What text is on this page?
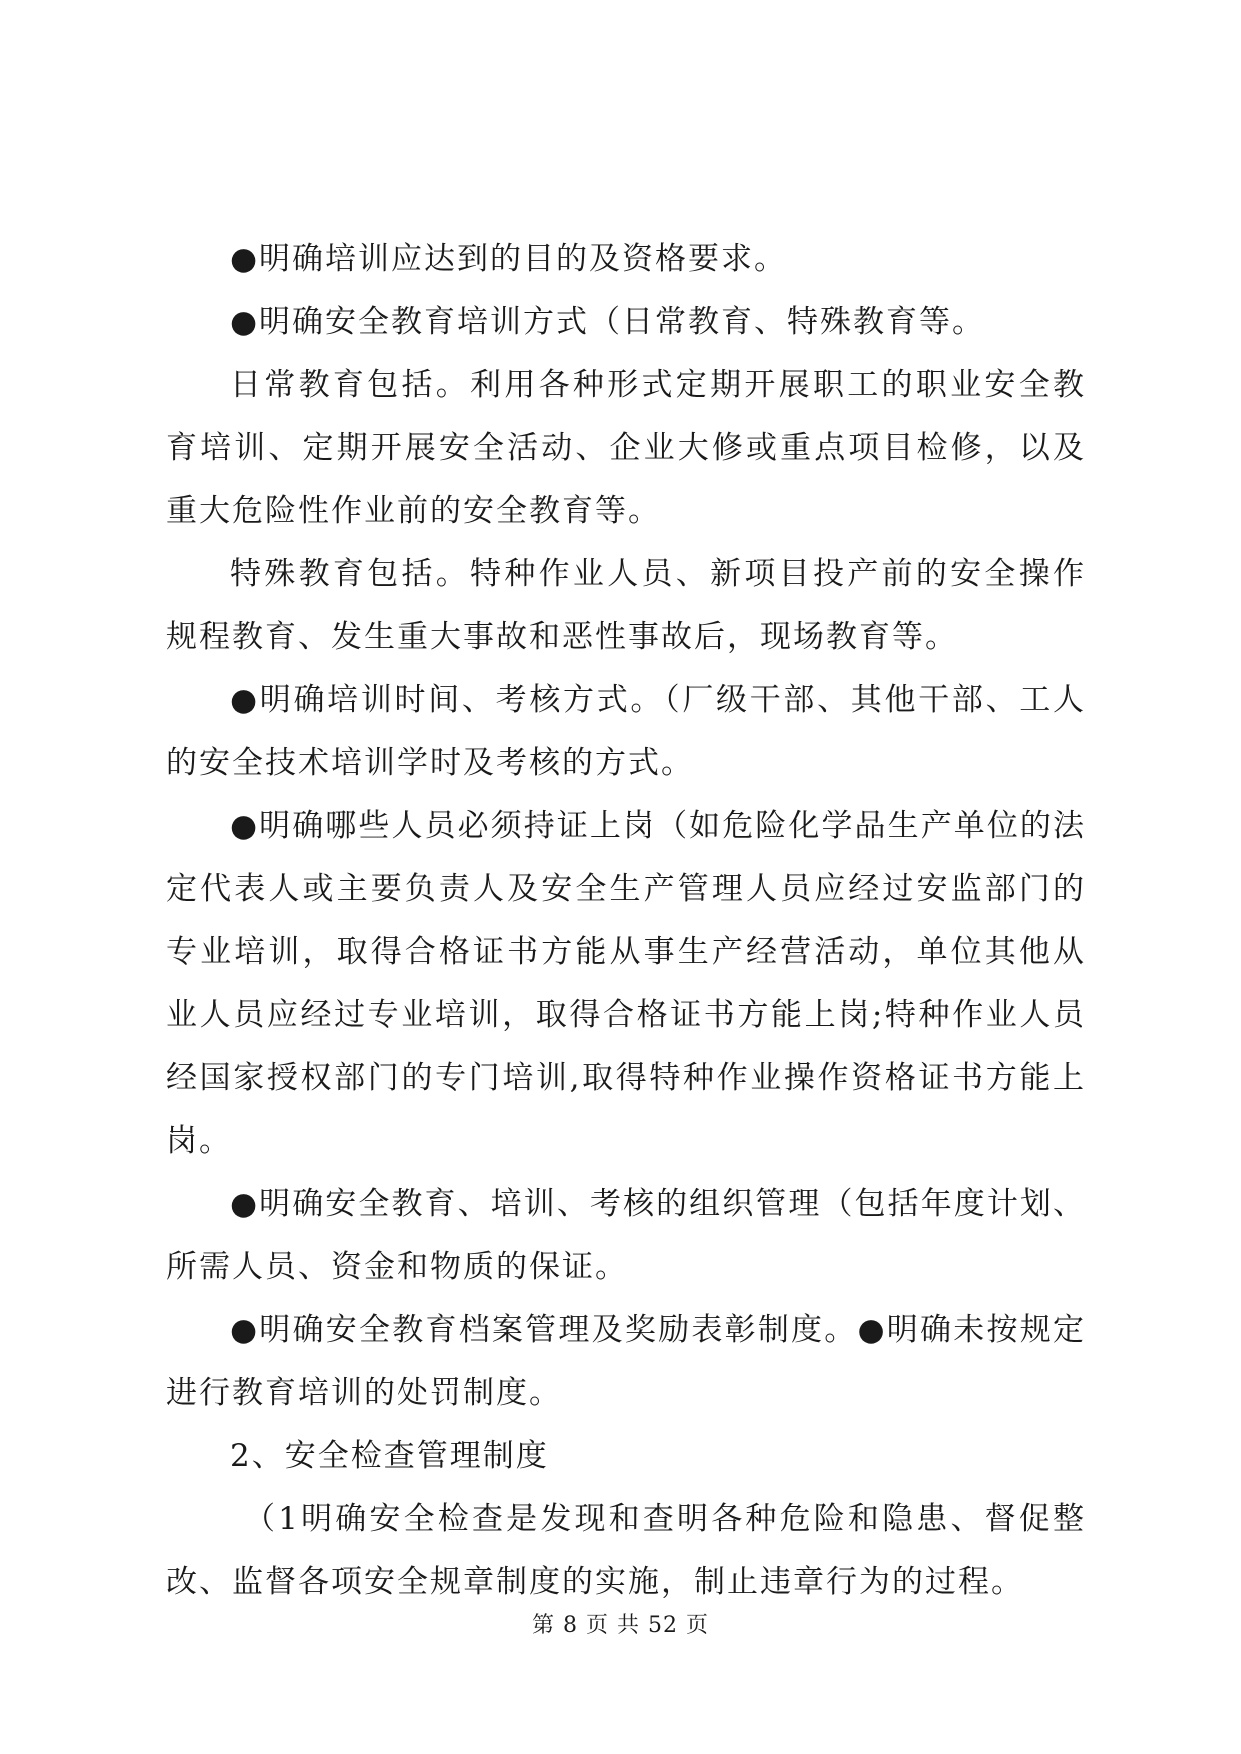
●明确培训应达到的目的及资格要求。

●明确安全教育培训方式（日常教育、特殊教育等。

日常教育包括。利用各种形式定期开展职工的职业安全教育培训、定期开展安全活动、企业大修或重点项目检修，以及重大危险性作业前的安全教育等。

特殊教育包括。特种作业人员、新项目投产前的安全操作规程教育、发生重大事故和恶性事故后，现场教育等。

●明确培训时间、考核方式。（厂级干部、其他干部、工人的安全技术培训学时及考核的方式。

●明确哪些人员必须持证上岗（如危险化学品生产单位的法定代表人或主要负责人及安全生产管理人员应经过安监部门的专业培训，取得合格证书方能从事生产经营活动，单位其他从业人员应经过专业培训，取得合格证书方能上岗;特种作业人员经国家授权部门的专门培训,取得特种作业操作资格证书方能上岗。

●明确安全教育、培训、考核的组织管理（包括年度计划、所需人员、资金和物质的保证。

●明确安全教育档案管理及奖励表彰制度。●明确未按规定进行教育培训的处罚制度。

2、安全检查管理制度

（1明确安全检查是发现和查明各种危险和隐患、督促整改、监督各项安全规章制度的实施，制止违章行为的过程。

第 8 页 共 52 页
